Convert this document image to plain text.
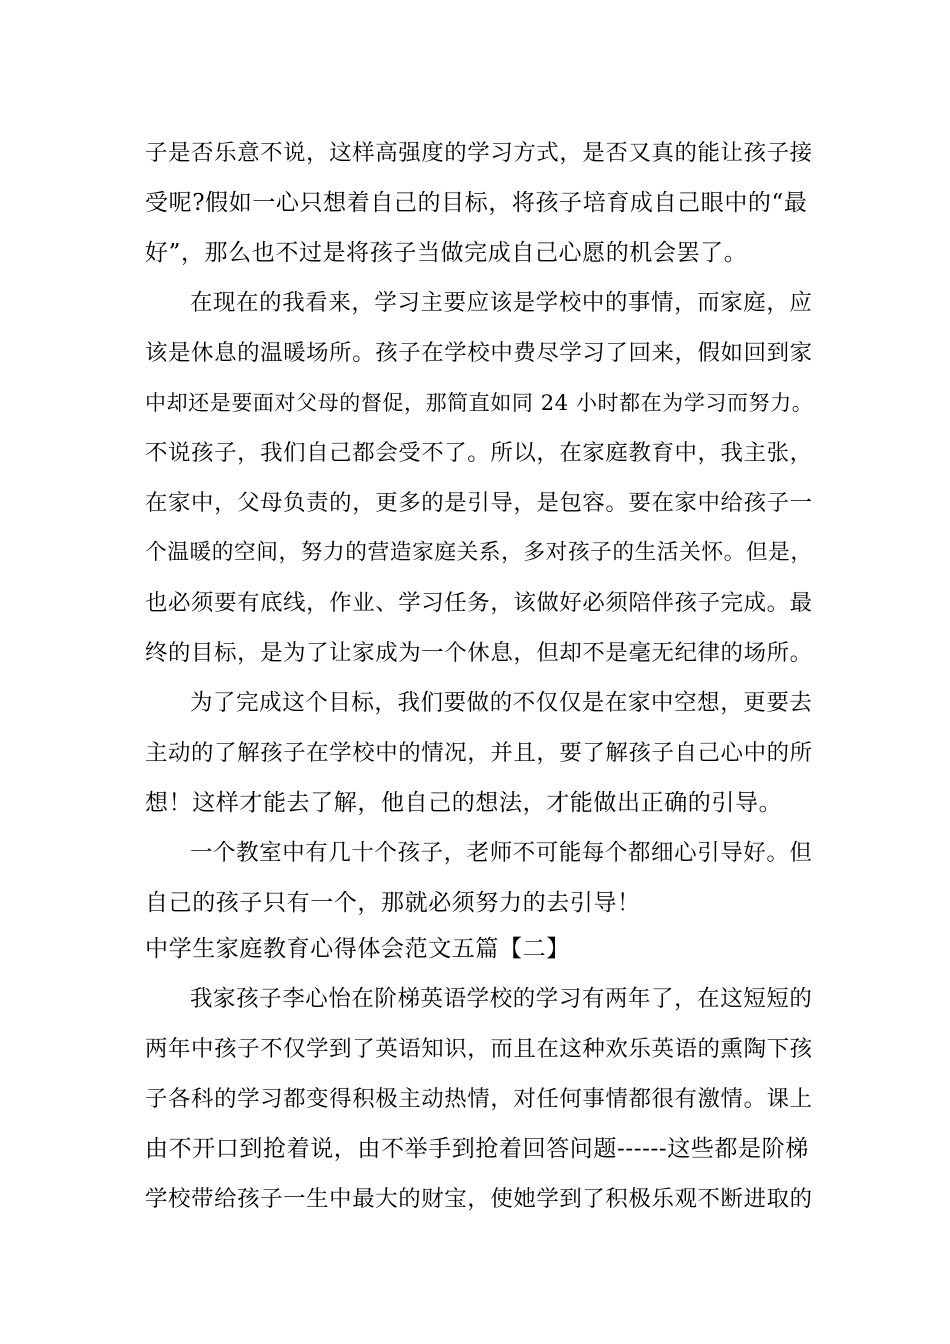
子是否乐意不说，这样高强度的学习方式，是否又真的能让孩子接
受呢?假如一心只想着自己的目标，将孩子培育成自己眼中的“最
好”，那么也不过是将孩子当做完成自己心愿的机会罢了。
在现在的我看来，学习主要应该是学校中的事情，而家庭，应
该是休息的温暖场所。孩子在学校中费尽学习了回来，假如回到家
中却还是要面对父母的督促，那简直如同 24 小时都在为学习而努力。
不说孩子，我们自己都会受不了。所以，在家庭教育中，我主张，
在家中，父母负责的，更多的是引导，是包容。要在家中给孩子一
个温暖的空间，努力的营造家庭关系，多对孩子的生活关怀。但是，
也必须要有底线，作业、学习任务，该做好必须陪伴孩子完成。最
终的目标，是为了让家成为一个休息，但却不是毫无纪律的场所。
为了完成这个目标，我们要做的不仅仅是在家中空想，更要去
主动的了解孩子在学校中的情况，并且，要了解孩子自己心中的所
想！这样才能去了解，他自己的想法，才能做出正确的引导。
一个教室中有几十个孩子，老师不可能每个都细心引导好。但
自己的孩子只有一个，那就必须努力的去引导！
中学生家庭教育心得体会范文五篇【二】
我家孩子李心怡在阶梯英语学校的学习有两年了，在这短短的
两年中孩子不仅学到了英语知识，而且在这种欢乐英语的熏陶下孩
子各科的学习都变得积极主动热情，对任何事情都很有激情。课上
由不开口到抢着说，由不举手到抢着回答问题------这些都是阶梯
学校带给孩子一生中最大的财宝，使她学到了积极乐观不断进取的
